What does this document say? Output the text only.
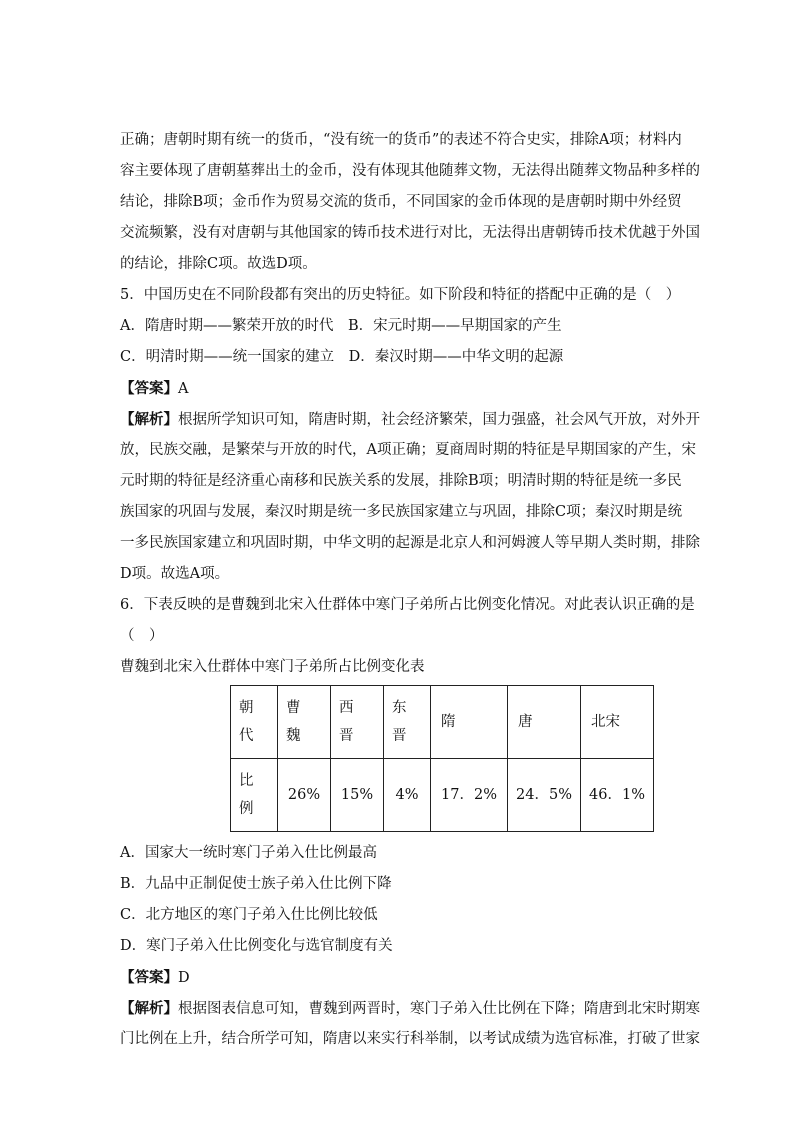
正确；唐朝时期有统一的货币，“没有统一的货币”的表述不符合史实，排除A项；材料内
容主要体现了唐朝墓葬出土的金币，没有体现其他随葬文物，无法得出随葬文物品种多样的
结论，排除B项；金币作为贸易交流的货币，不同国家的金币体现的是唐朝时期中外经贸
交流频繁，没有对唐朝与其他国家的铸币技术进行对比，无法得出唐朝铸币技术优越于外国
的结论，排除C项。故选D项。
5．中国历史在不同阶段都有突出的历史特征。如下阶段和特征的搭配中正确的是（　）
A．隋唐时期——繁荣开放的时代　B．宋元时期——早期国家的产生
C．明清时期——统一国家的建立　D．秦汉时期——中华文明的起源
【答案】A
【解析】根据所学知识可知，隋唐时期，社会经济繁荣，国力强盛，社会风气开放，对外开
放，民族交融，是繁荣与开放的时代，A项正确；夏商周时期的特征是早期国家的产生，宋
元时期的特征是经济重心南移和民族关系的发展，排除B项；明清时期的特征是统一多民
族国家的巩固与发展，秦汉时期是统一多民族国家建立与巩固，排除C项；秦汉时期是统
一多民族国家建立和巩固时期，中华文明的起源是北京人和河姆渡人等早期人类时期，排除
D项。故选A项。
6．下表反映的是曹魏到北宋入仕群体中寒门子弟所占比例变化情况。对此表认识正确的是
（　）
曹魏到北宋入仕群体中寒门子弟所占比例变化表
朝
代	曹
魏	西
晋	东
晋	隋	唐	北宋

比
例	26%	15%	4%	17．2%	24．5%	46．1%
A．国家大一统时寒门子弟入仕比例最高
B．九品中正制促使士族子弟入仕比例下降
C．北方地区的寒门子弟入仕比例比较低
D．寒门子弟入仕比例变化与选官制度有关
【答案】D
【解析】根据图表信息可知，曹魏到两晋时，寒门子弟入仕比例在下降；隋唐到北宋时期寒
门比例在上升，结合所学可知，隋唐以来实行科举制，以考试成绩为选官标准，打破了世家
